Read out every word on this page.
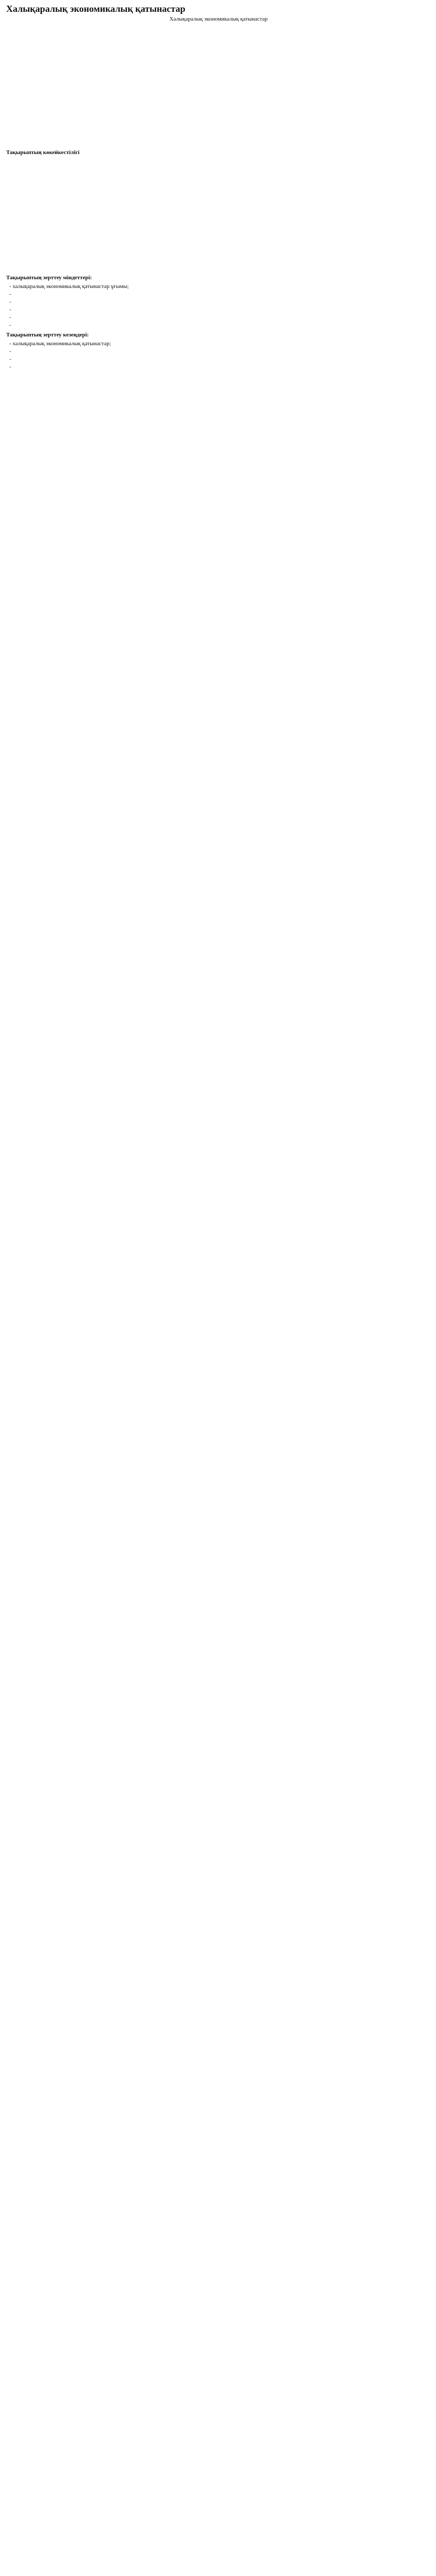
Халықаралық экономикалық қатынастар
Халықаралық экономикалық қатынастар
Тақырыптың көкейкестілігі
Тақырыптың зерттеу міндеттері:
- халықаралық экономикалық қатынастар ұғымы;
-
-
-
-
-
Тақырыптың зерттеу кезеңдері:
- халықаралық экономикалық қатынастар;
-
-
-
